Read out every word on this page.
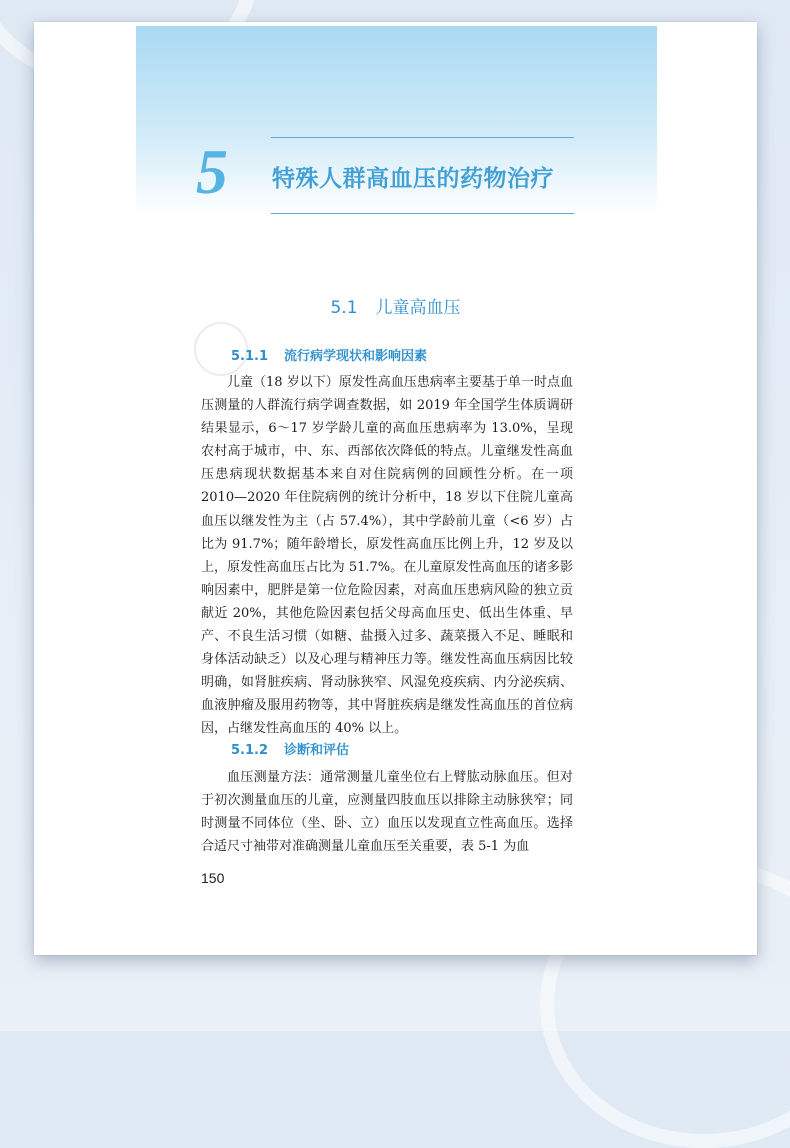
5 特殊人群高血压的药物治疗
5.1 儿童高血压
5.1.1 流行病学现状和影响因素

儿童（18 岁以下）原发性高血压患病率主要基于单一时点血压测量的人群流行病学调查数据，如 2019 年全国学生体质调研结果显示，6～17 岁学龄儿童的高血压患病率为 13.0%，呈现农村高于城市，中、东、西部依次降低的特点。儿童继发性高血压患病现状数据基本来自对住院病例的回顾性分析。在一项 2010—2020 年住院病例的统计分析中，18 岁以下住院儿童高血压以继发性为主（占 57.4%），其中学龄前儿童（<6 岁）占比为 91.7%；随年龄增长，原发性高血压比例上升，12 岁及以上，原发性高血压占比为 51.7%。在儿童原发性高血压的诸多影响因素中，肥胖是第一位危险因素，对高血压患病风险的独立贡献近 20%，其他危险因素包括父母高血压史、低出生体重、早产、不良生活习惯（如糖、盐摄入过多、蔬菜摄入不足、睡眠和身体活动缺乏）以及心理与精神压力等。继发性高血压病因比较明确，如肾脏疾病、肾动脉狭窄、风湿免疫疾病、内分泌疾病、血液肿瘤及服用药物等，其中肾脏疾病是继发性高血压的首位病因，占继发性高血压的 40% 以上。

5.1.2 诊断和评估

血压测量方法：通常测量儿童坐位右上臂肱动脉血压。但对于初次测量血压的儿童，应测量四肢血压以排除主动脉狭窄；同时测量不同体位（坐、卧、立）血压以发现直立性高血压。选择合适尺寸袖带对准确测量儿童血压至关重要，表 5-1 为血

150
